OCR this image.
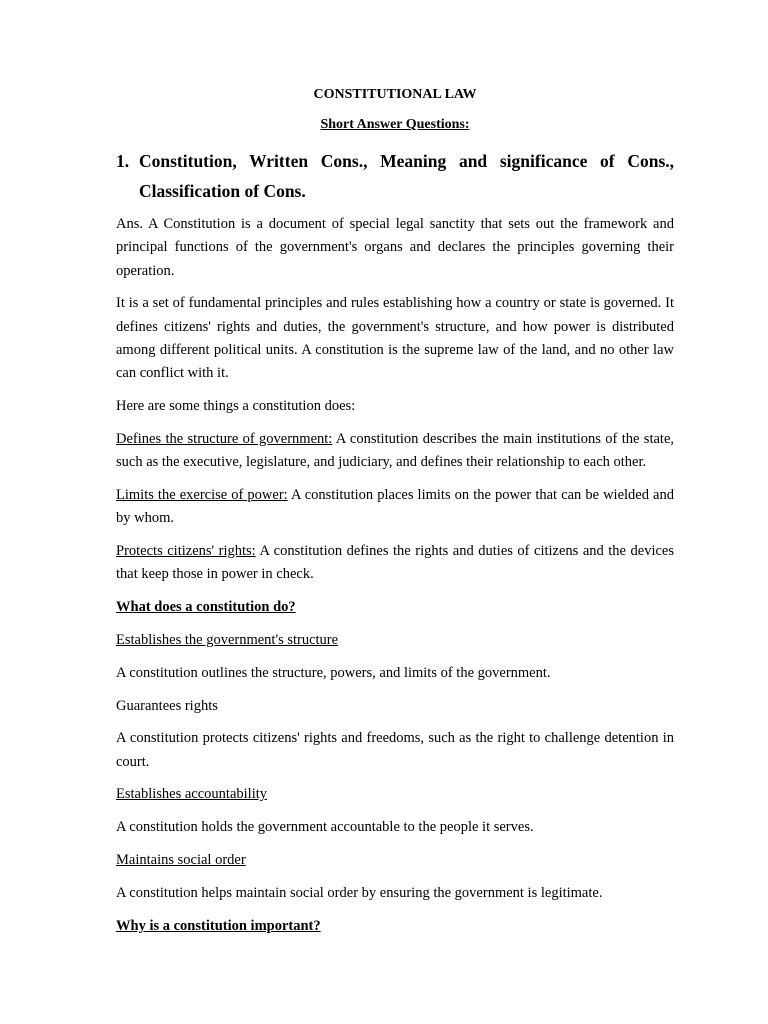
CONSTITUTIONAL LAW
Short Answer Questions:
1. Constitution, Written Cons., Meaning and significance of Cons., Classification of Cons.

Ans. A Constitution is a document of special legal sanctity that sets out the framework and principal functions of the government's organs and declares the principles governing their operation.

It is a set of fundamental principles and rules establishing how a country or state is governed. It defines citizens' rights and duties, the government's structure, and how power is distributed among different political units. A constitution is the supreme law of the land, and no other law can conflict with it.

Here are some things a constitution does:

Defines the structure of government: A constitution describes the main institutions of the state, such as the executive, legislature, and judiciary, and defines their relationship to each other.

Limits the exercise of power: A constitution places limits on the power that can be wielded and by whom.

Protects citizens' rights: A constitution defines the rights and duties of citizens and the devices that keep those in power in check.

What does a constitution do?

Establishes the government's structure

A constitution outlines the structure, powers, and limits of the government.

Guarantees rights

A constitution protects citizens' rights and freedoms, such as the right to challenge detention in court.

Establishes accountability

A constitution holds the government accountable to the people it serves.

Maintains social order

A constitution helps maintain social order by ensuring the government is legitimate.

Why is a constitution important?
